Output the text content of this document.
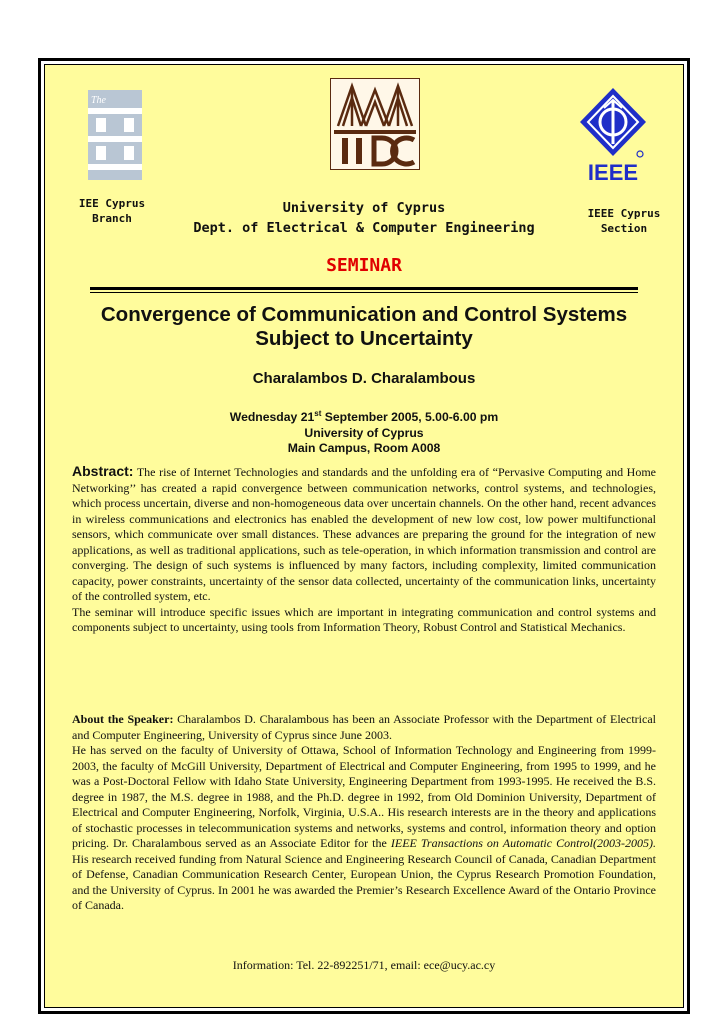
The
IEEE
IEE Cyprus
Branch
University of Cyprus
Dept. of Electrical & Computer Engineering
IEEE Cyprus
Section
SEMINAR
Convergence of Communication and Control Systems
Subject to Uncertainty
Charalambos D. Charalambous
Wednesday 21st September 2005, 5.00-6.00 pm
University of Cyprus
Main Campus, Room A008

Abstract: The rise of Internet Technologies and standards and the unfolding era of “Pervasive Computing and Home Networking’’ has created a rapid convergence between communication networks, control systems, and technologies, which process uncertain, diverse and non-homogeneous data over uncertain channels. On the other hand, recent advances in wireless communications and electronics has enabled the development of new low cost, low power multifunctional sensors, which communicate over small distances. These advances are preparing the ground for the integration of new applications, as well as traditional applications, such as tele-operation, in which information transmission and control are converging. The design of such systems is influenced by many factors, including complexity, limited communication capacity, power constraints, uncertainty of the sensor data collected, uncertainty of the communication links, uncertainty of the controlled system, etc.

The seminar will introduce specific issues which are important in integrating communication and control systems and components subject to uncertainty, using tools from Information Theory, Robust Control and Statistical Mechanics.

About the Speaker: Charalambos D. Charalambous has been an Associate Professor with the Department of Electrical and Computer Engineering, University of Cyprus since June 2003.

He has served on the faculty of University of Ottawa, School of Information Technology and Engineering from 1999-2003, the faculty of McGill University, Department of Electrical and Computer Engineering, from 1995 to 1999, and he was a Post-Doctoral Fellow with Idaho State University, Engineering Department from 1993-1995. He received the B.S. degree in 1987, the M.S. degree in 1988, and the Ph.D. degree in 1992, from Old Dominion University, Department of Electrical and Computer Engineering, Norfolk, Virginia, U.S.A.. His research interests are in the theory and applications of stochastic processes in telecommunication systems and networks, systems and control, information theory and option pricing. Dr. Charalambous served as an Associate Editor for the IEEE Transactions on Automatic Control(2003-2005). His research received funding from Natural Science and Engineering Research Council of Canada, Canadian Department of Defense, Canadian Communication Research Center, European Union, the Cyprus Research Promotion Foundation, and the University of Cyprus. In 2001 he was awarded the Premier’s Research Excellence Award of the Ontario Province of Canada.

Information: Tel. 22-892251/71, email: ece@ucy.ac.cy
